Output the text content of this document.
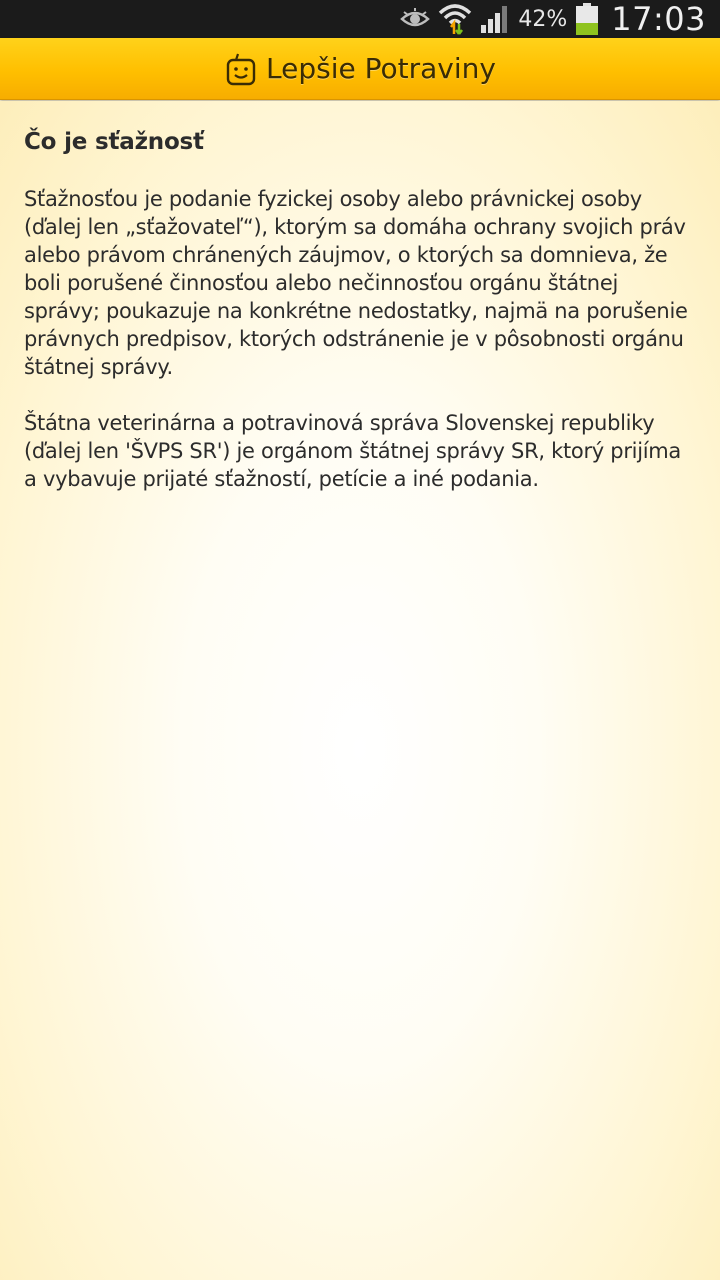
42% 17:03
Lepšie Potraviny
Čo je sťažnosť

Sťažnosťou je podanie fyzickej osoby alebo právnickej osoby (ďalej len „sťažovateľ“), ktorým sa domáha ochrany svojich práv alebo právom chránených záujmov, o ktorých sa domnieva, že boli porušené činnosťou alebo nečinnosťou orgánu štátnej správy; poukazuje na konkrétne nedostatky, najmä na porušenie právnych predpisov, ktorých odstránenie je v pôsobnosti orgánu štátnej správy.

Štátna veterinárna a potravinová správa Slovenskej republiky (ďalej len 'ŠVPS SR') je orgánom štátnej správy SR, ktorý prijíma a vybavuje prijaté sťažností, petície a iné podania.
